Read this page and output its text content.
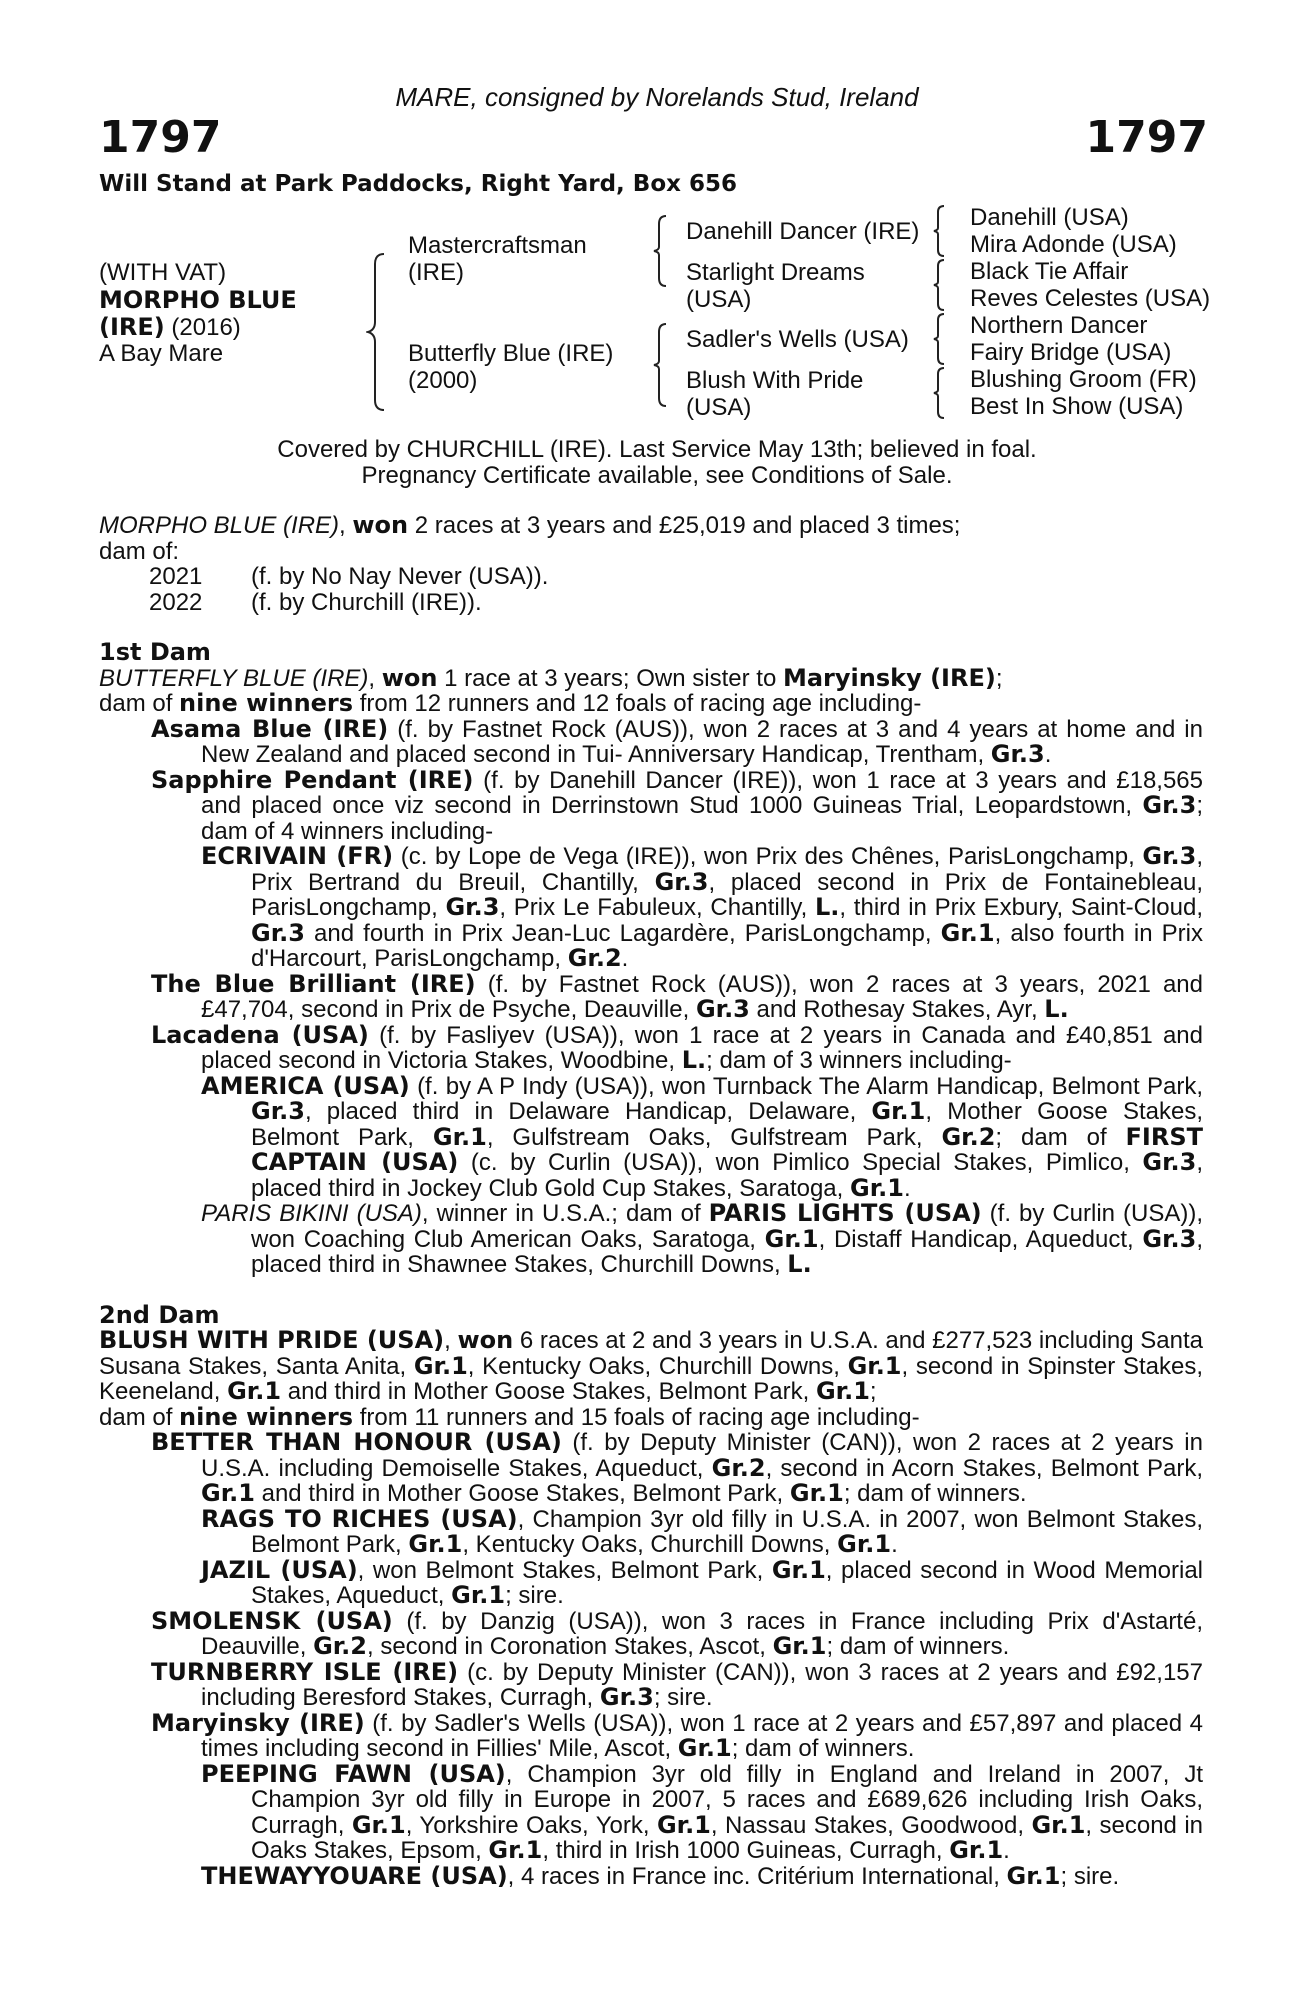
MARE, consigned by Norelands Stud, Ireland
1797	1797
Will Stand at Park Paddocks, Right Yard, Box 656
(WITH VAT)
MORPHO BLUE
(IRE) (2016)
A Bay Mare
Mastercraftsman
(IRE)
Butterfly Blue (IRE)
(2000)
Danehill Dancer (IRE)
Starlight Dreams
(USA)
Sadler's Wells (USA)
Blush With Pride
(USA)
Danehill (USA)
Mira Adonde (USA)
Black Tie Affair
Reves Celestes (USA)
Northern Dancer
Fairy Bridge (USA)
Blushing Groom (FR)
Best In Show (USA)
Covered by CHURCHILL (IRE). Last Service May 13th; believed in foal.
Pregnancy Certificate available, see Conditions of Sale.

MORPHO BLUE (IRE), won 2 races at 3 years and £25,019 and placed 3 times;

dam of:

2021	(f. by No Nay Never (USA)).

2022	(f. by Churchill (IRE)).

1st Dam

BUTTERFLY BLUE (IRE), won 1 race at 3 years; Own sister to Maryinsky (IRE);

dam of nine winners from 12 runners and 12 foals of racing age including-

Asama Blue (IRE) (f. by Fastnet Rock (AUS)), won 2 races at 3 and 4 years at home and in New Zealand and placed second in Tui- Anniversary Handicap, Trentham, Gr.3.

Sapphire Pendant (IRE) (f. by Danehill Dancer (IRE)), won 1 race at 3 years and £18,565 and placed once viz second in Derrinstown Stud 1000 Guineas Trial, Leopardstown, Gr.3; dam of 4 winners including-

ECRIVAIN (FR) (c. by Lope de Vega (IRE)), won Prix des Chênes, ParisLongchamp, Gr.3, Prix Bertrand du Breuil, Chantilly, Gr.3, placed second in Prix de Fontainebleau, ParisLongchamp, Gr.3, Prix Le Fabuleux, Chantilly, L., third in Prix Exbury, Saint-Cloud, Gr.3 and fourth in Prix Jean-Luc Lagardère, ParisLongchamp, Gr.1, also fourth in Prix d'Harcourt, ParisLongchamp, Gr.2.

The Blue Brilliant (IRE) (f. by Fastnet Rock (AUS)), won 2 races at 3 years, 2021 and £47,704, second in Prix de Psyche, Deauville, Gr.3 and Rothesay Stakes, Ayr, L.

Lacadena (USA) (f. by Fasliyev (USA)), won 1 race at 2 years in Canada and £40,851 and placed second in Victoria Stakes, Woodbine, L.; dam of 3 winners including-

AMERICA (USA) (f. by A P Indy (USA)), won Turnback The Alarm Handicap, Belmont Park, Gr.3, placed third in Delaware Handicap, Delaware, Gr.1, Mother Goose Stakes, Belmont Park, Gr.1, Gulfstream Oaks, Gulfstream Park, Gr.2; dam of FIRST CAPTAIN (USA) (c. by Curlin (USA)), won Pimlico Special Stakes, Pimlico, Gr.3, placed third in Jockey Club Gold Cup Stakes, Saratoga, Gr.1.

PARIS BIKINI (USA), winner in U.S.A.; dam of PARIS LIGHTS (USA) (f. by Curlin (USA)), won Coaching Club American Oaks, Saratoga, Gr.1, Distaff Handicap, Aqueduct, Gr.3, placed third in Shawnee Stakes, Churchill Downs, L.

2nd Dam

BLUSH WITH PRIDE (USA), won 6 races at 2 and 3 years in U.S.A. and £277,523 including Santa Susana Stakes, Santa Anita, Gr.1, Kentucky Oaks, Churchill Downs, Gr.1, second in Spinster Stakes, Keeneland, Gr.1 and third in Mother Goose Stakes, Belmont Park, Gr.1;

dam of nine winners from 11 runners and 15 foals of racing age including-

BETTER THAN HONOUR (USA) (f. by Deputy Minister (CAN)), won 2 races at 2 years in U.S.A. including Demoiselle Stakes, Aqueduct, Gr.2, second in Acorn Stakes, Belmont Park, Gr.1 and third in Mother Goose Stakes, Belmont Park, Gr.1; dam of winners.

RAGS TO RICHES (USA), Champion 3yr old filly in U.S.A. in 2007, won Belmont Stakes, Belmont Park, Gr.1, Kentucky Oaks, Churchill Downs, Gr.1.

JAZIL (USA), won Belmont Stakes, Belmont Park, Gr.1, placed second in Wood Memorial Stakes, Aqueduct, Gr.1; sire.

SMOLENSK (USA) (f. by Danzig (USA)), won 3 races in France including Prix d'Astarté, Deauville, Gr.2, second in Coronation Stakes, Ascot, Gr.1; dam of winners.

TURNBERRY ISLE (IRE) (c. by Deputy Minister (CAN)), won 3 races at 2 years and £92,157 including Beresford Stakes, Curragh, Gr.3; sire.

Maryinsky (IRE) (f. by Sadler's Wells (USA)), won 1 race at 2 years and £57,897 and placed 4 times including second in Fillies' Mile, Ascot, Gr.1; dam of winners.

PEEPING FAWN (USA), Champion 3yr old filly in England and Ireland in 2007, Jt Champion 3yr old filly in Europe in 2007, 5 races and £689,626 including Irish Oaks, Curragh, Gr.1, Yorkshire Oaks, York, Gr.1, Nassau Stakes, Goodwood, Gr.1, second in Oaks Stakes, Epsom, Gr.1, third in Irish 1000 Guineas, Curragh, Gr.1.

THEWAYYOUARE (USA), 4 races in France inc. Critérium International, Gr.1; sire.
